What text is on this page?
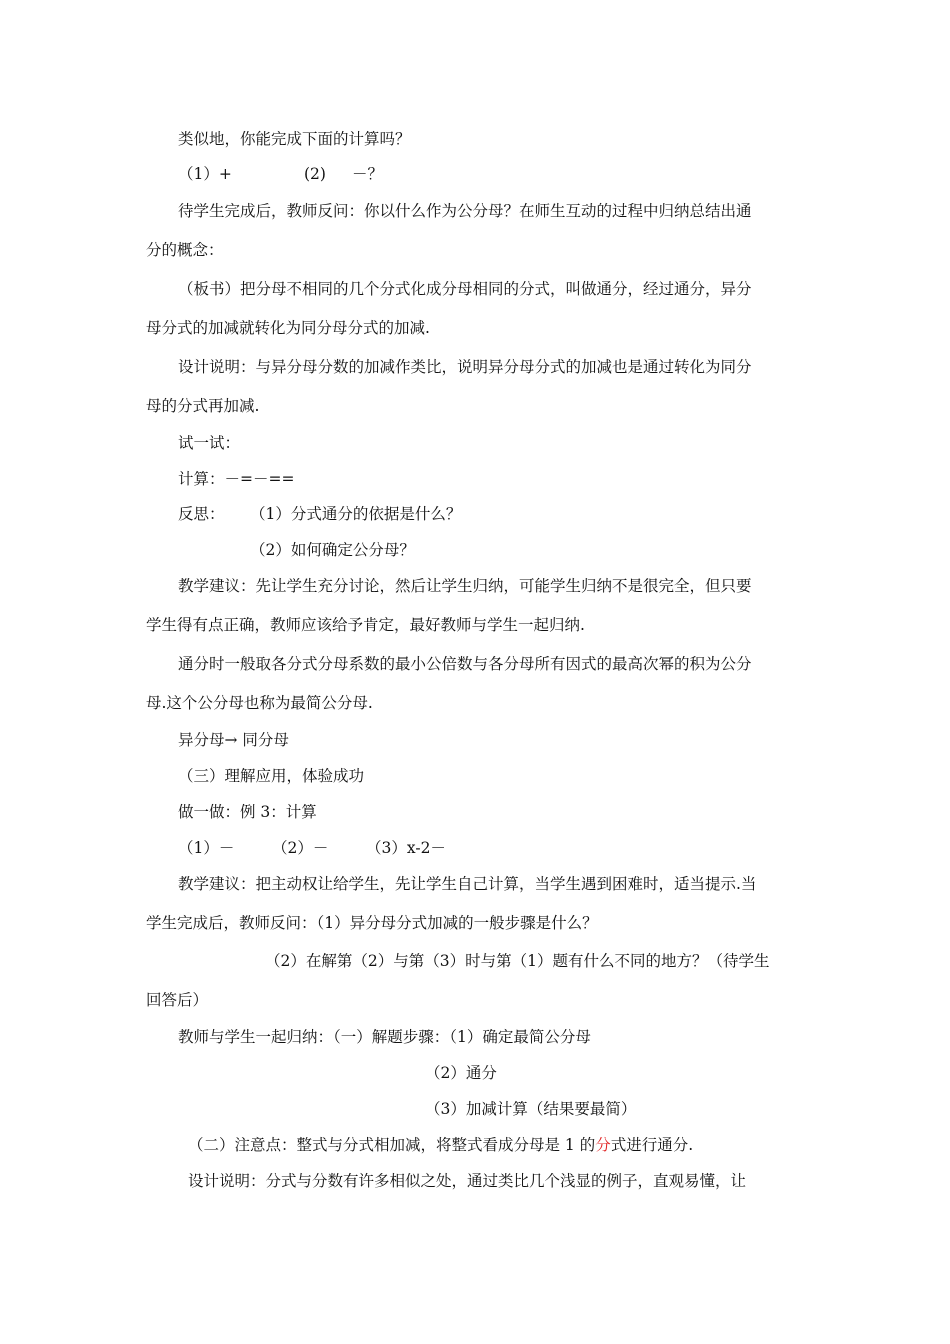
类似地，你能完成下面的计算吗？
（1）+	(2) －？
待学生完成后，教师反问：你以什么作为公分母？在师生互动的过程中归纳总结出通
分的概念：
（板书）把分母不相同的几个分式化成分母相同的分式，叫做通分，经过通分，异分
母分式的加减就转化为同分母分式的加减.
设计说明：与异分母分数的加减作类比，说明异分母分式的加减也是通过转化为同分
母的分式再加减.
试一试：
计算：－=－==
反思： （1）分式通分的依据是什么？
（2）如何确定公分母？
教学建议：先让学生充分讨论，然后让学生归纳，可能学生归纳不是很完全，但只要
学生得有点正确，教师应该给予肯定，最好教师与学生一起归纳.
通分时一般取各分式分母系数的最小公倍数与各分母所有因式的最高次幂的积为公分
母.这个公分母也称为最简公分母.
异分母→ 同分母
（三）理解应用，体验成功
做一做：例 3：计算
（1）－ （2）－ （3）x-2－
教学建议：把主动权让给学生，先让学生自己计算，当学生遇到困难时，适当提示.当
学生完成后，教师反问：（1）异分母分式加减的一般步骤是什么？
（2）在解第（2）与第（3）时与第（1）题有什么不同的地方？（待学生
回答后）
教师与学生一起归纳：（一）解题步骤：（1）确定最简公分母
（2）通分
（3）加减计算（结果要最简）
（二）注意点：整式与分式相加减，将整式看成分母是 1 的分式进行通分.
设计说明：分式与分数有许多相似之处，通过类比几个浅显的例子，直观易懂，让
